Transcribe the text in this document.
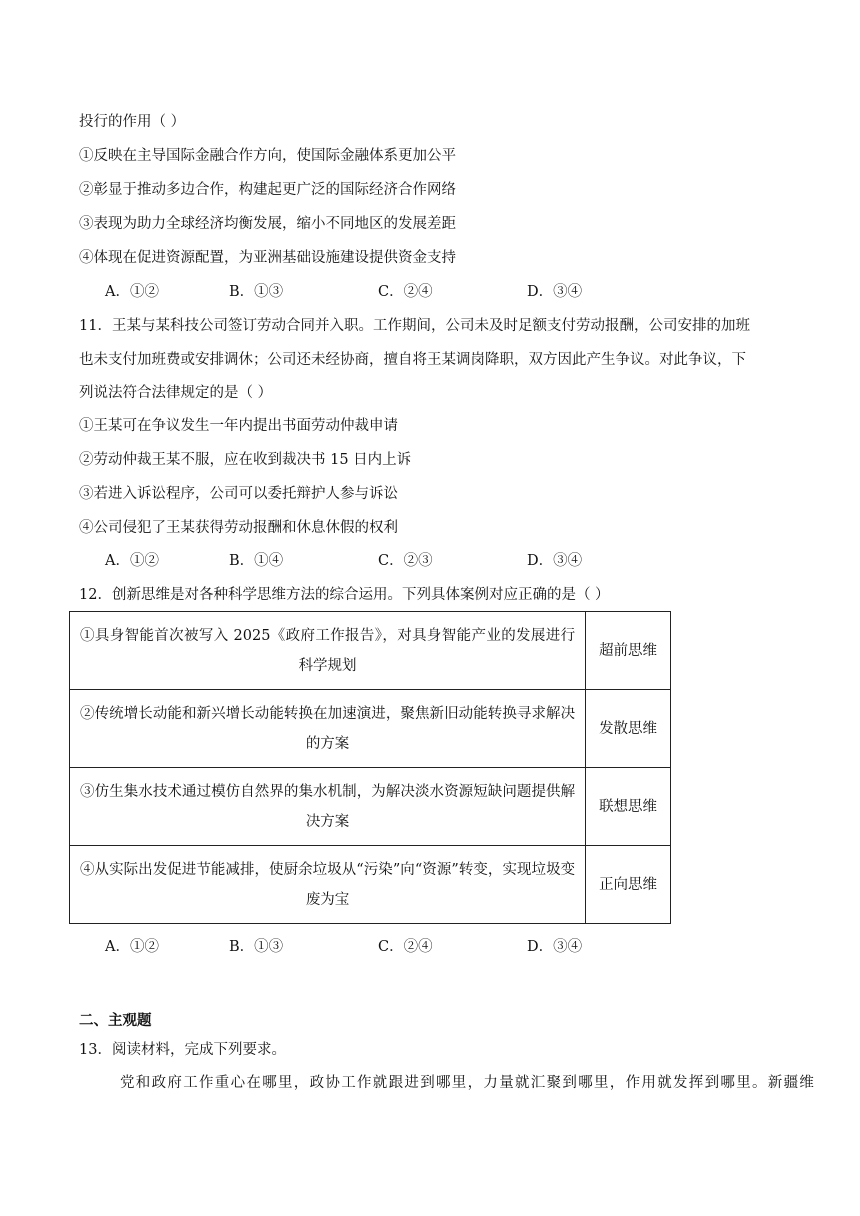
投行的作用（ ）
①反映在主导国际金融合作方向，使国际金融体系更加公平
②彰显于推动多边合作，构建起更广泛的国际经济合作网络
③表现为助力全球经济均衡发展，缩小不同地区的发展差距
④体现在促进资源配置，为亚洲基础设施建设提供资金支持
A．①②	B．①③	C．②④	D．③④
11．王某与某科技公司签订劳动合同并入职。工作期间，公司未及时足额支付劳动报酬，公司安排的加班
也未支付加班费或安排调休；公司还未经协商，擅自将王某调岗降职，双方因此产生争议。对此争议，下
列说法符合法律规定的是（ ）
①王某可在争议发生一年内提出书面劳动仲裁申请
②劳动仲裁王某不服，应在收到裁决书 15 日内上诉
③若进入诉讼程序，公司可以委托辩护人参与诉讼
④公司侵犯了王某获得劳动报酬和休息休假的权利
A．①②	B．①④	C．②③	D．③④
12．创新思维是对各种科学思维方法的综合运用。下列具体案例对应正确的是（ ）
①具身智能首次被写入 2025《政府工作报告》，对具身智能产业的发展进行科学规划	超前思维
②传统增长动能和新兴增长动能转换在加速演进，聚焦新旧动能转换寻求解决的方案	发散思维
③仿生集水技术通过模仿自然界的集水机制，为解决淡水资源短缺问题提供解决方案	联想思维
④从实际出发促进节能减排，使厨余垃圾从“污染”向“资源”转变，实现垃圾变废为宝	正向思维
A．①②	B．①③	C．②④	D．③④
二、主观题
13．阅读材料，完成下列要求。
党和政府工作重心在哪里，政协工作就跟进到哪里，力量就汇聚到哪里，作用就发挥到哪里。新疆维
